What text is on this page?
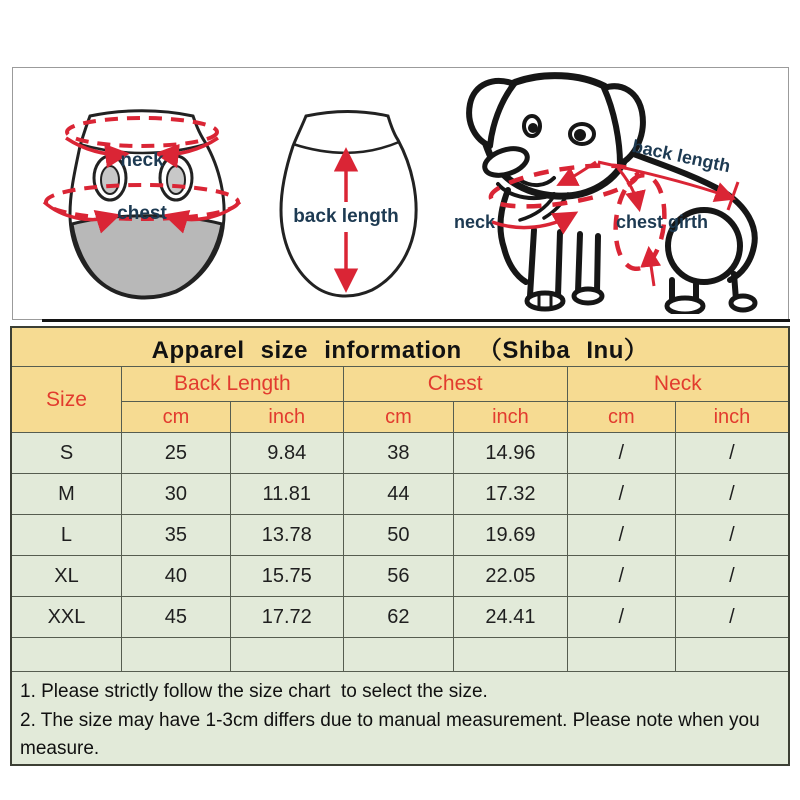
neck
chest	back length	neck
back length
chest girth
Apparel size information （Shiba Inu）						
Size	Back Length		Chest		Neck	
	cm	inch	cm	inch	cm	inch
S	25	9.84	38	14.96	/	/
M	30	11.81	44	17.32	/	/
L	35	13.78	50	19.69	/	/
XL	40	15.75	56	22.05	/	/
XXL	45	17.72	62	24.41	/	/

1. Please strictly follow the size chart  to select the size.
2. The size may have 1-3cm differs due to manual measurement. Please note when you measure.						
